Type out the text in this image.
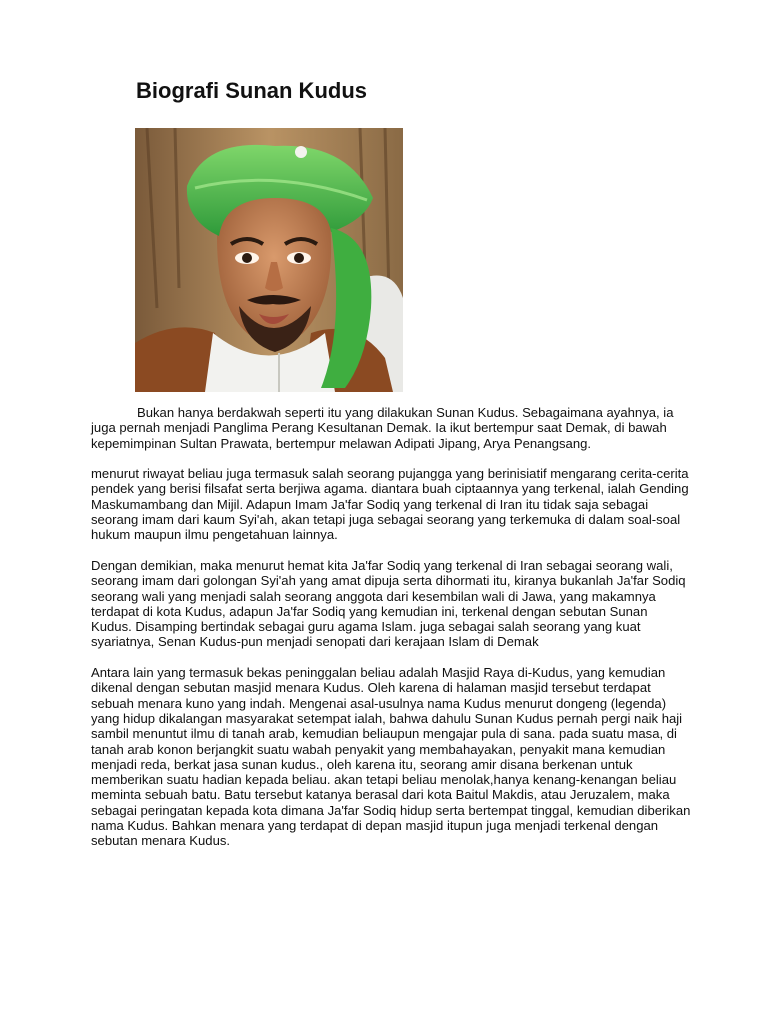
Biografi Sunan Kudus

Bukan hanya berdakwah seperti itu yang dilakukan Sunan Kudus. Sebagaimana ayahnya, ia juga pernah menjadi Panglima Perang Kesultanan Demak. Ia ikut bertempur saat Demak, di bawah kepemimpinan Sultan Prawata, bertempur melawan Adipati Jipang, Arya Penangsang.

menurut riwayat beliau juga termasuk salah seorang pujangga yang berinisiatif mengarang cerita-cerita pendek yang berisi filsafat serta berjiwa agama. diantara buah ciptaannya yang terkenal, ialah Gending Maskumambang dan Mijil. Adapun Imam Ja'far Sodiq yang terkenal di Iran itu tidak saja sebagai seorang imam dari kaum Syi'ah, akan tetapi juga sebagai seorang yang terkemuka di dalam soal-soal hukum maupun ilmu pengetahuan lainnya.

Dengan demikian, maka menurut hemat kita Ja'far Sodiq yang terkenal di Iran sebagai seorang wali, seorang imam dari golongan Syi'ah yang amat dipuja serta dihormati itu, kiranya bukanlah Ja'far Sodiq seorang wali yang menjadi salah seorang anggota dari kesembilan wali di Jawa, yang makamnya terdapat di kota Kudus, adapun Ja'far Sodiq yang kemudian ini, terkenal dengan sebutan Sunan Kudus. Disamping bertindak sebagai guru agama Islam. juga sebagai salah seorang yang kuat syariatnya, Senan Kudus-pun menjadi senopati dari kerajaan Islam di Demak

Antara lain yang termasuk bekas peninggalan beliau adalah Masjid Raya di-Kudus, yang kemudian dikenal dengan sebutan masjid menara Kudus. Oleh karena di halaman masjid tersebut terdapat sebuah menara kuno yang indah. Mengenai asal-usulnya nama Kudus menurut dongeng (legenda) yang hidup dikalangan masyarakat setempat ialah, bahwa dahulu Sunan Kudus pernah pergi naik haji sambil menuntut ilmu di tanah arab, kemudian beliaupun mengajar pula di sana. pada suatu masa, di tanah arab konon berjangkit suatu wabah penyakit yang membahayakan, penyakit mana kemudian menjadi reda, berkat jasa sunan kudus., oleh karena itu, seorang amir disana berkenan untuk memberikan suatu hadian kepada beliau. akan tetapi beliau menolak,hanya kenang-kenangan beliau meminta sebuah batu. Batu tersebut katanya berasal dari kota Baitul Makdis, atau Jeruzalem, maka sebagai peringatan kepada kota dimana Ja'far Sodiq hidup serta bertempat tinggal, kemudian diberikan nama Kudus. Bahkan menara yang terdapat di depan masjid itupun juga menjadi terkenal dengan sebutan menara Kudus.
